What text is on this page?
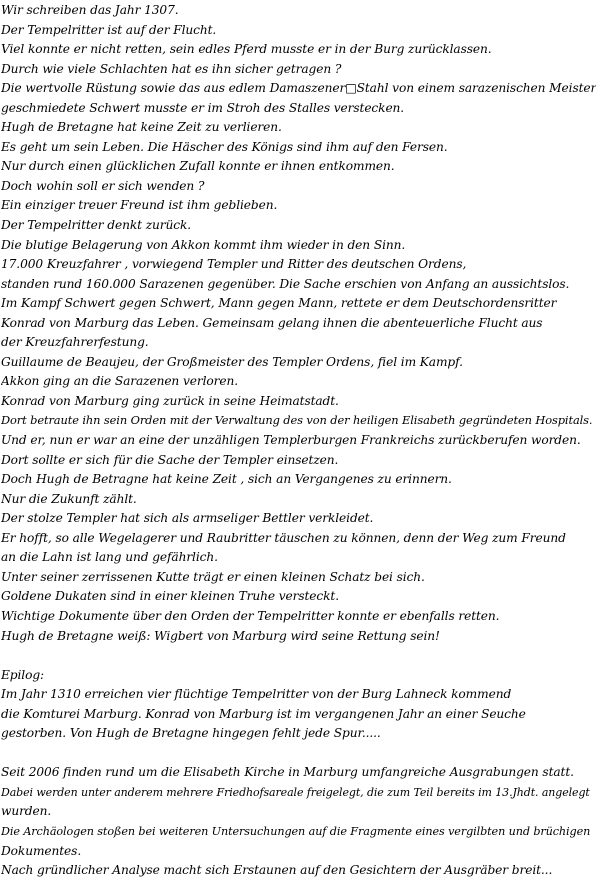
Wir schreiben das Jahr 1307.
Der Tempelritter ist auf der Flucht.
Viel konnte er nicht retten, sein edles Pferd musste er in der Burg zurücklassen.
Durch wie viele Schlachten hat es ihn sicher getragen ?
Die wertvolle Rüstung sowie das aus edlem Damaszener□Stahl von einem sarazenischen Meister
geschmiedete Schwert musste er im Stroh des Stalles verstecken.
Hugh de Bretagne hat keine Zeit zu verlieren.
Es geht um sein Leben. Die Häscher des Königs sind ihm auf den Fersen.
Nur durch einen glücklichen Zufall konnte er ihnen entkommen.
Doch wohin soll er sich wenden ?
Ein einziger treuer Freund ist ihm geblieben.
Der Tempelritter denkt zurück.
Die blutige Belagerung von Akkon kommt ihm wieder in den Sinn.
17.000 Kreuzfahrer , vorwiegend Templer und Ritter des deutschen Ordens,
standen rund 160.000 Sarazenen gegenüber. Die Sache erschien von Anfang an aussichtslos.
Im Kampf Schwert gegen Schwert, Mann gegen Mann, rettete er dem Deutschordensritter
Konrad von Marburg das Leben. Gemeinsam gelang ihnen die abenteuerliche Flucht aus
der Kreuzfahrerfestung.
Guillaume de Beaujeu, der Großmeister des Templer Ordens, fiel im Kampf.
Akkon ging an die Sarazenen verloren.
Konrad von Marburg ging zurück in seine Heimatstadt.
Dort betraute ihn sein Orden mit der Verwaltung des von der heiligen Elisabeth gegründeten Hospitals.
Und er, nun er war an eine der unzähligen Templerburgen Frankreichs zurückberufen worden.
Dort sollte er sich für die Sache der Templer einsetzen.
Doch Hugh de Betragne hat keine Zeit , sich an Vergangenes zu erinnern.
Nur die Zukunft zählt.
Der stolze Templer hat sich als armseliger Bettler verkleidet.
Er hofft, so alle Wegelagerer und Raubritter täuschen zu können, denn der Weg zum Freund
an die Lahn ist lang und gefährlich.
Unter seiner zerrissenen Kutte trägt er einen kleinen Schatz bei sich.
Goldene Dukaten sind in einer kleinen Truhe versteckt.
Wichtige Dokumente über den Orden der Tempelritter konnte er ebenfalls retten.
Hugh de Bretagne weiß: Wigbert von Marburg wird seine Rettung sein!
Epilog:
Im Jahr 1310 erreichen vier flüchtige Tempelritter von der Burg Lahneck kommend
die Komturei Marburg. Konrad von Marburg ist im vergangenen Jahr an einer Seuche
gestorben. Von Hugh de Bretagne hingegen fehlt jede Spur.....
Seit 2006 finden rund um die Elisabeth Kirche in Marburg umfangreiche Ausgrabungen statt.
Dabei werden unter anderem mehrere Friedhofsareale freigelegt, die zum Teil bereits im 13.Jhdt. angelegt
wurden.
Die Archäologen stoßen bei weiteren Untersuchungen auf die Fragmente eines vergilbten und brüchigen
Dokumentes.
Nach gründlicher Analyse macht sich Erstaunen auf den Gesichtern der Ausgräber breit...
